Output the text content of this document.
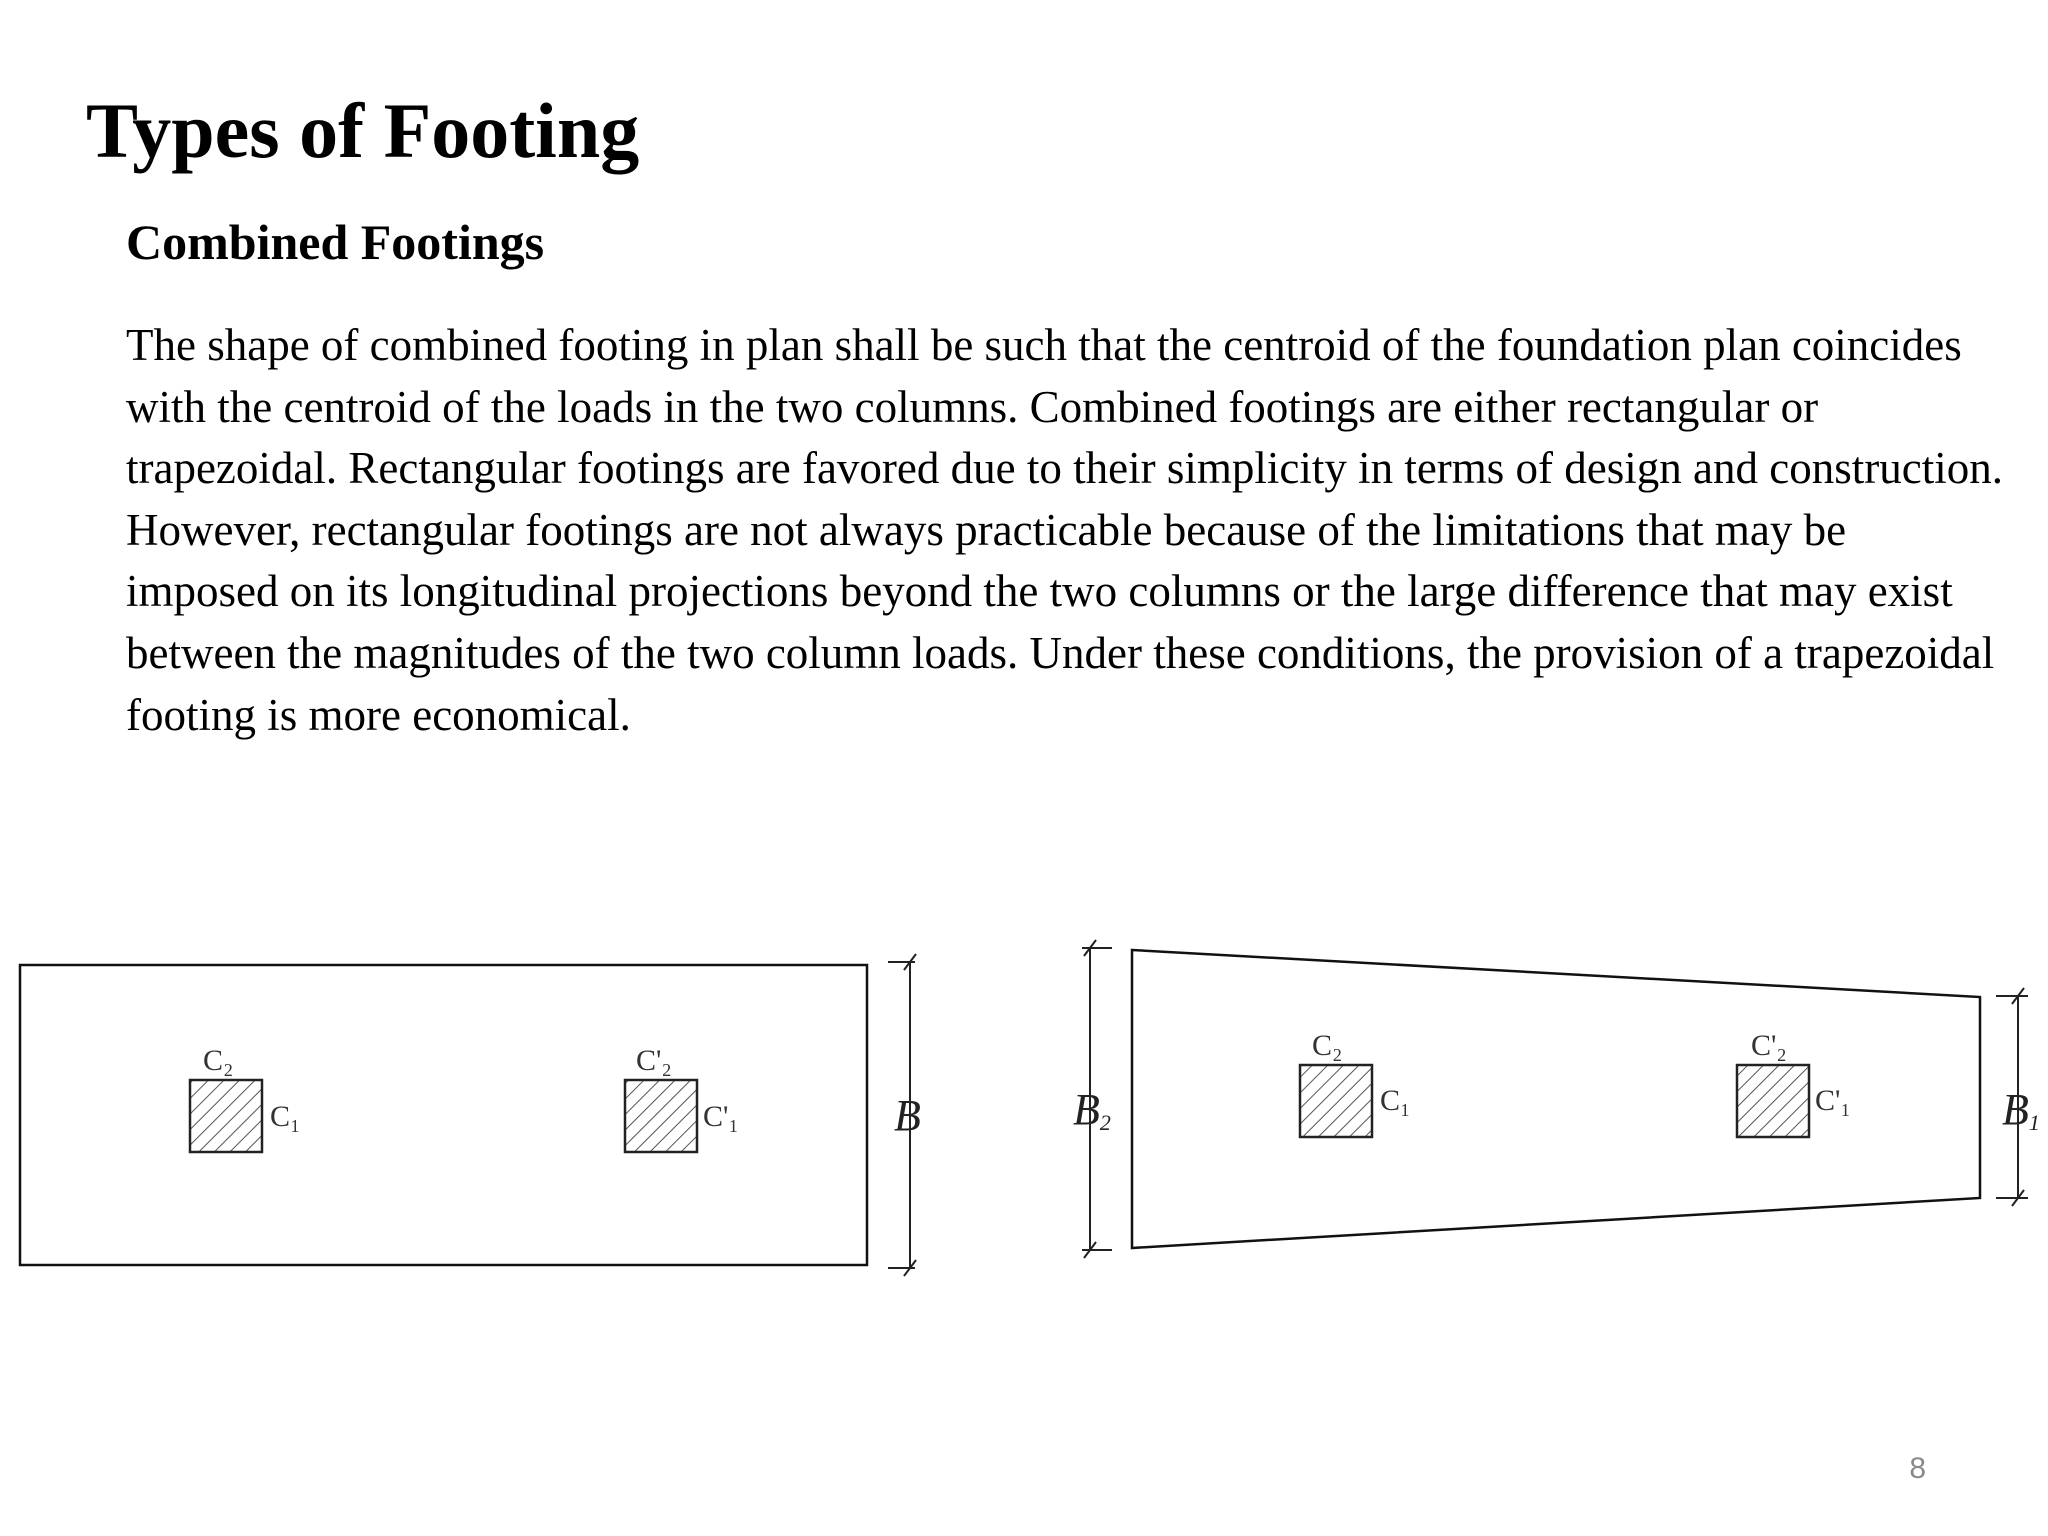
Types of Footing
Combined Footings

The shape of combined footing in plan shall be such that the centroid of the foundation plan coincides with the centroid of the loads in the two columns. Combined footings are either rectangular or trapezoidal. Rectangular footings are favored due to their simplicity in terms of design and construction. However, rectangular footings are not always practicable because of the limitations that may be imposed on its longitudinal projections beyond the two columns or the large difference that may exist between the magnitudes of the two column loads. Under these conditions, the provision of a trapezoidal footing is more economical.

C₂
C₁
C'₂
C'₁	B
C₂
C₁
C'₂
C'₁
B2	B1
8
